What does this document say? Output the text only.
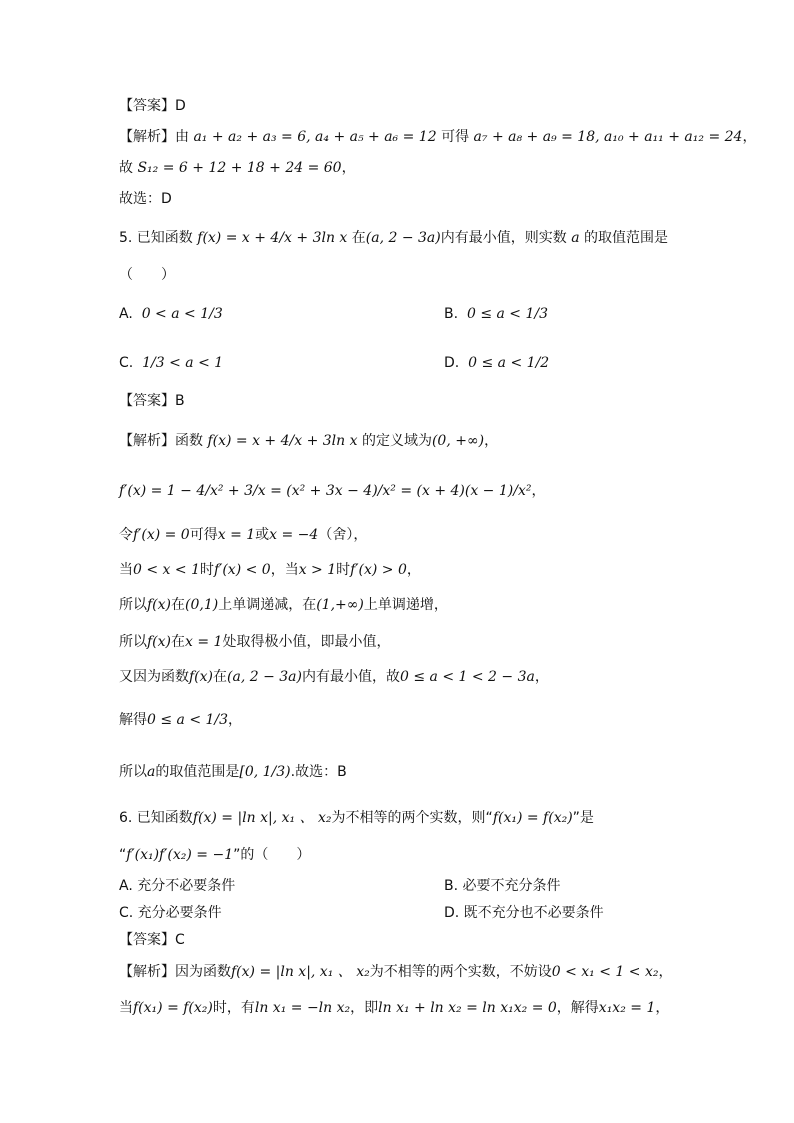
【答案】D
【解析】由 a₁ + a₂ + a₃ = 6, a₄ + a₅ + a₆ = 12 可得 a₇ + a₈ + a₉ = 18, a₁₀ + a₁₁ + a₁₂ = 24，
故 S₁₂ = 6 + 12 + 18 + 24 = 60，
故选：D
5. 已知函数 f(x) = x + 4/x + 3ln x 在(a, 2 − 3a)内有最小值，则实数 a 的取值范围是
（　　）
A. 0 < a < 1/3	B. 0 ≤ a < 1/3
C. 1/3 < a < 1	D. 0 ≤ a < 1/2
【答案】B
【解析】函数 f(x) = x + 4/x + 3ln x 的定义域为(0, +∞)，
f′(x) = 1 − 4/x² + 3/x = (x² + 3x − 4)/x² = (x + 4)(x − 1)/x²，
令f′(x) = 0可得x = 1或x = −4（舍），
当0 < x < 1时f′(x) < 0，当x > 1时f′(x) > 0，
所以f(x)在(0,1)上单调递减，在(1,+∞)上单调递增，
所以f(x)在x = 1处取得极小值，即最小值，
又因为函数f(x)在(a, 2 − 3a)内有最小值，故0 ≤ a < 1 < 2 − 3a，
解得0 ≤ a < 1/3，
所以a的取值范围是[0, 1/3).故选：B
6. 已知函数f(x) = |ln x|, x₁ 、 x₂为不相等的两个实数，则“f(x₁) = f(x₂)”是
“f′(x₁)f′(x₂) = −1”的（　　）
A. 充分不必要条件	B. 必要不充分条件
C. 充分必要条件	D. 既不充分也不必要条件
【答案】C
【解析】因为函数f(x) = |ln x|, x₁ 、 x₂为不相等的两个实数，不妨设0 < x₁ < 1 < x₂，
当f(x₁) = f(x₂)时，有ln x₁ = −ln x₂，即ln x₁ + ln x₂ = ln x₁x₂ = 0，解得x₁x₂ = 1，
